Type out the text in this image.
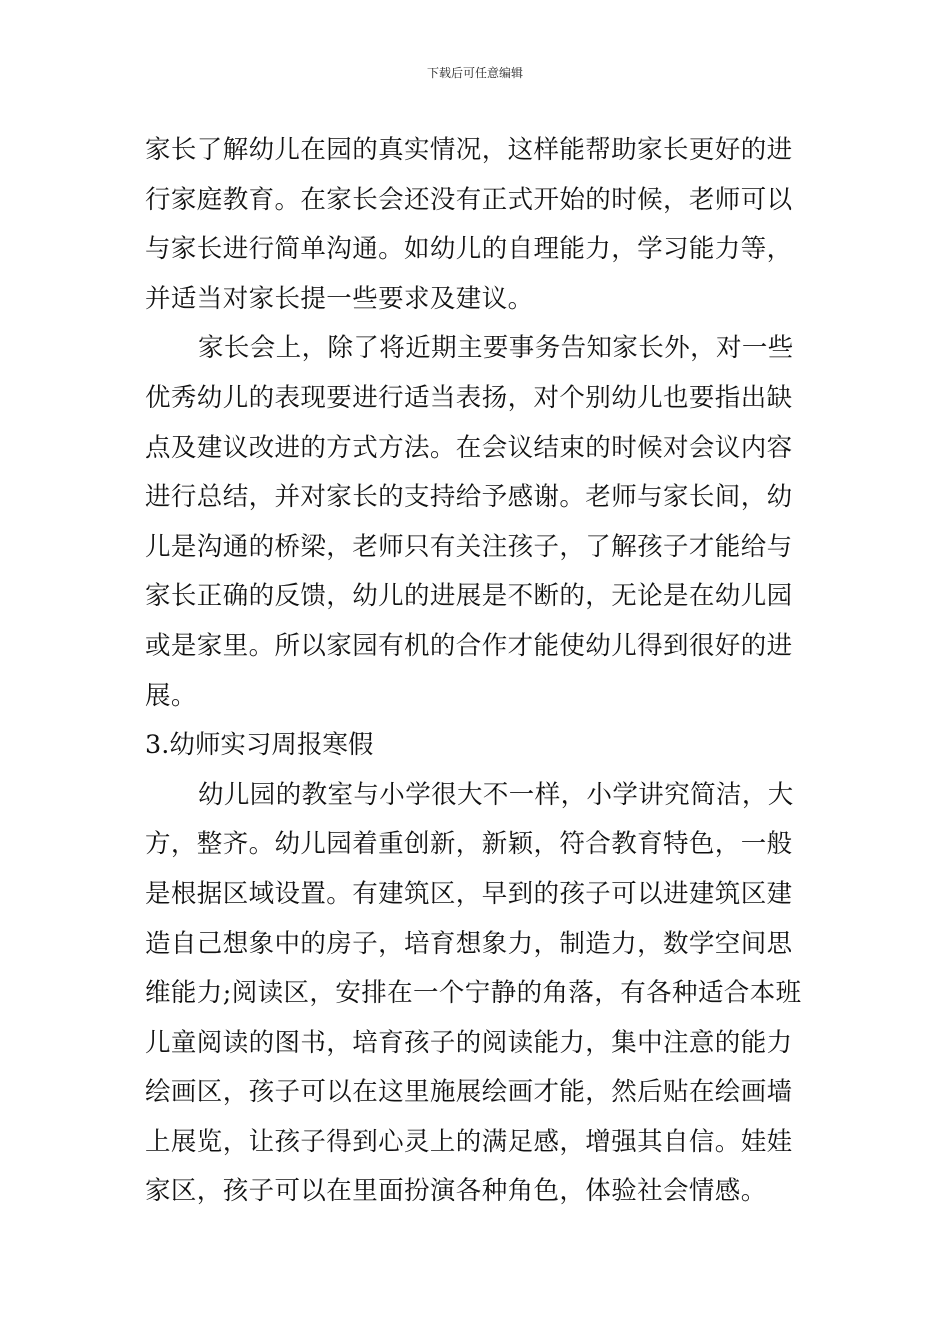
下载后可任意编辑
家长了解幼儿在园的真实情况，这样能帮助家长更好的进
行家庭教育。在家长会还没有正式开始的时候，老师可以
与家长进行简单沟通。如幼儿的自理能力，学习能力等，
并适当对家长提一些要求及建议。
家长会上，除了将近期主要事务告知家长外，对一些
优秀幼儿的表现要进行适当表扬，对个别幼儿也要指出缺
点及建议改进的方式方法。在会议结束的时候对会议内容
进行总结，并对家长的支持给予感谢。老师与家长间，幼
儿是沟通的桥梁，老师只有关注孩子，了解孩子才能给与
家长正确的反馈，幼儿的进展是不断的，无论是在幼儿园
或是家里。所以家园有机的合作才能使幼儿得到很好的进
展。
3.幼师实习周报寒假
幼儿园的教室与小学很大不一样，小学讲究简洁，大
方，整齐。幼儿园着重创新，新颖，符合教育特色，一般
是根据区域设置。有建筑区，早到的孩子可以进建筑区建
造自己想象中的房子，培育想象力，制造力，数学空间思
维能力;阅读区，安排在一个宁静的角落，有各种适合本班
儿童阅读的图书，培育孩子的阅读能力，集中注意的能力
绘画区，孩子可以在这里施展绘画才能，然后贴在绘画墙
上展览，让孩子得到心灵上的满足感，增强其自信。娃娃
家区，孩子可以在里面扮演各种角色，体验社会情感。
